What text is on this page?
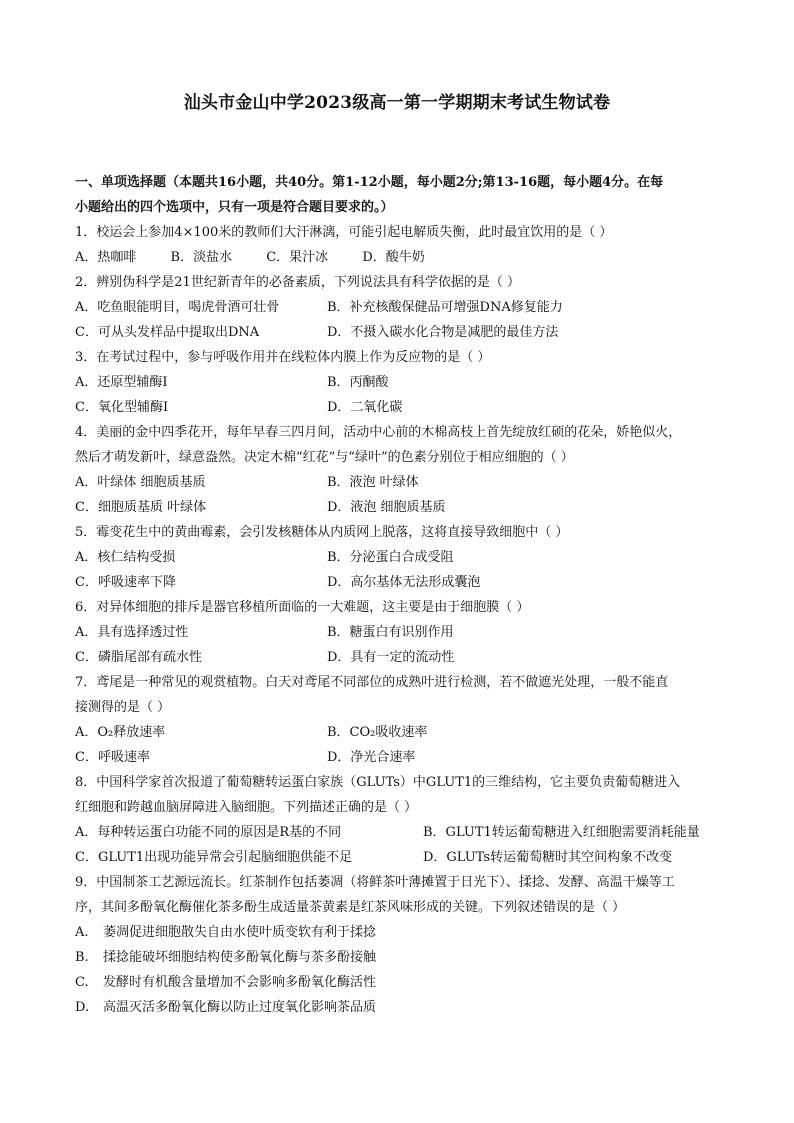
汕头市金山中学2023级高一第一学期期末考试生物试卷
一、单项选择题（本题共16小题，共40分。第1-12小题，每小题2分;第13-16题，每小题4分。在每
小题给出的四个选项中，只有一项是符合题目要求的。）
1．校运会上参加4×100米的教师们大汗淋漓，可能引起电解质失衡，此时最宜饮用的是（ ）
A．热咖啡	B．淡盐水	C．果汁冰	D．酸牛奶
2．辨别伪科学是21世纪新青年的必备素质，下列说法具有科学依据的是（ ）
A．吃鱼眼能明目，喝虎骨酒可壮骨	B．补充核酸保健品可增强DNA修复能力
C．可从头发样品中提取出DNA	D．不摄入碳水化合物是减肥的最佳方法
3．在考试过程中，参与呼吸作用并在线粒体内膜上作为反应物的是（ ）
A．还原型辅酶Ⅰ	B．丙酮酸
C．氧化型辅酶Ⅰ	D．二氧化碳
4．美丽的金中四季花开，每年早春三四月间，活动中心前的木棉高枝上首先绽放红硕的花朵，娇艳似火，
然后才萌发新叶，绿意盎然。决定木棉“红花”与“绿叶”的色素分别位于相应细胞的（ ）
A．叶绿体 细胞质基质	B．液泡 叶绿体
C．细胞质基质 叶绿体	D．液泡 细胞质基质
5．霉变花生中的黄曲霉素，会引发核糖体从内质网上脱落，这将直接导致细胞中（ ）
A．核仁结构受损	B．分泌蛋白合成受阻
C．呼吸速率下降	D．高尔基体无法形成囊泡
6．对异体细胞的排斥是器官移植所面临的一大难题，这主要是由于细胞膜（ ）
A．具有选择透过性	B．糖蛋白有识别作用
C．磷脂尾部有疏水性	D．具有一定的流动性
7．鸢尾是一种常见的观赏植物。白天对鸢尾不同部位的成熟叶进行检测，若不做遮光处理，一般不能直
接测得的是（ ）
A．O₂释放速率	B．CO₂吸收速率
C．呼吸速率	D．净光合速率
8．中国科学家首次报道了葡萄糖转运蛋白家族（GLUTs）中GLUT1的三维结构，它主要负责葡萄糖进入
红细胞和跨越血脑屏障进入脑细胞。下列描述正确的是（ ）
A．每种转运蛋白功能不同的原因是R基的不同	B．GLUT1转运葡萄糖进入红细胞需要消耗能量
C．GLUT1出现功能异常会引起脑细胞供能不足	D．GLUTs转运葡萄糖时其空间构象不改变
9．中国制茶工艺源远流长。红茶制作包括萎凋（将鲜茶叶薄摊置于日光下）、揉捻、发酵、高温干燥等工
序，其间多酚氧化酶催化茶多酚生成适量茶黄素是红茶风味形成的关键。下列叙述错误的是（ ）
A.	萎凋促进细胞散失自由水使叶质变软有利于揉捻
B.	揉捻能破坏细胞结构使多酚氧化酶与茶多酚接触
C.	发酵时有机酸含量增加不会影响多酚氧化酶活性
D.	高温灭活多酚氧化酶以防止过度氧化影响茶品质
